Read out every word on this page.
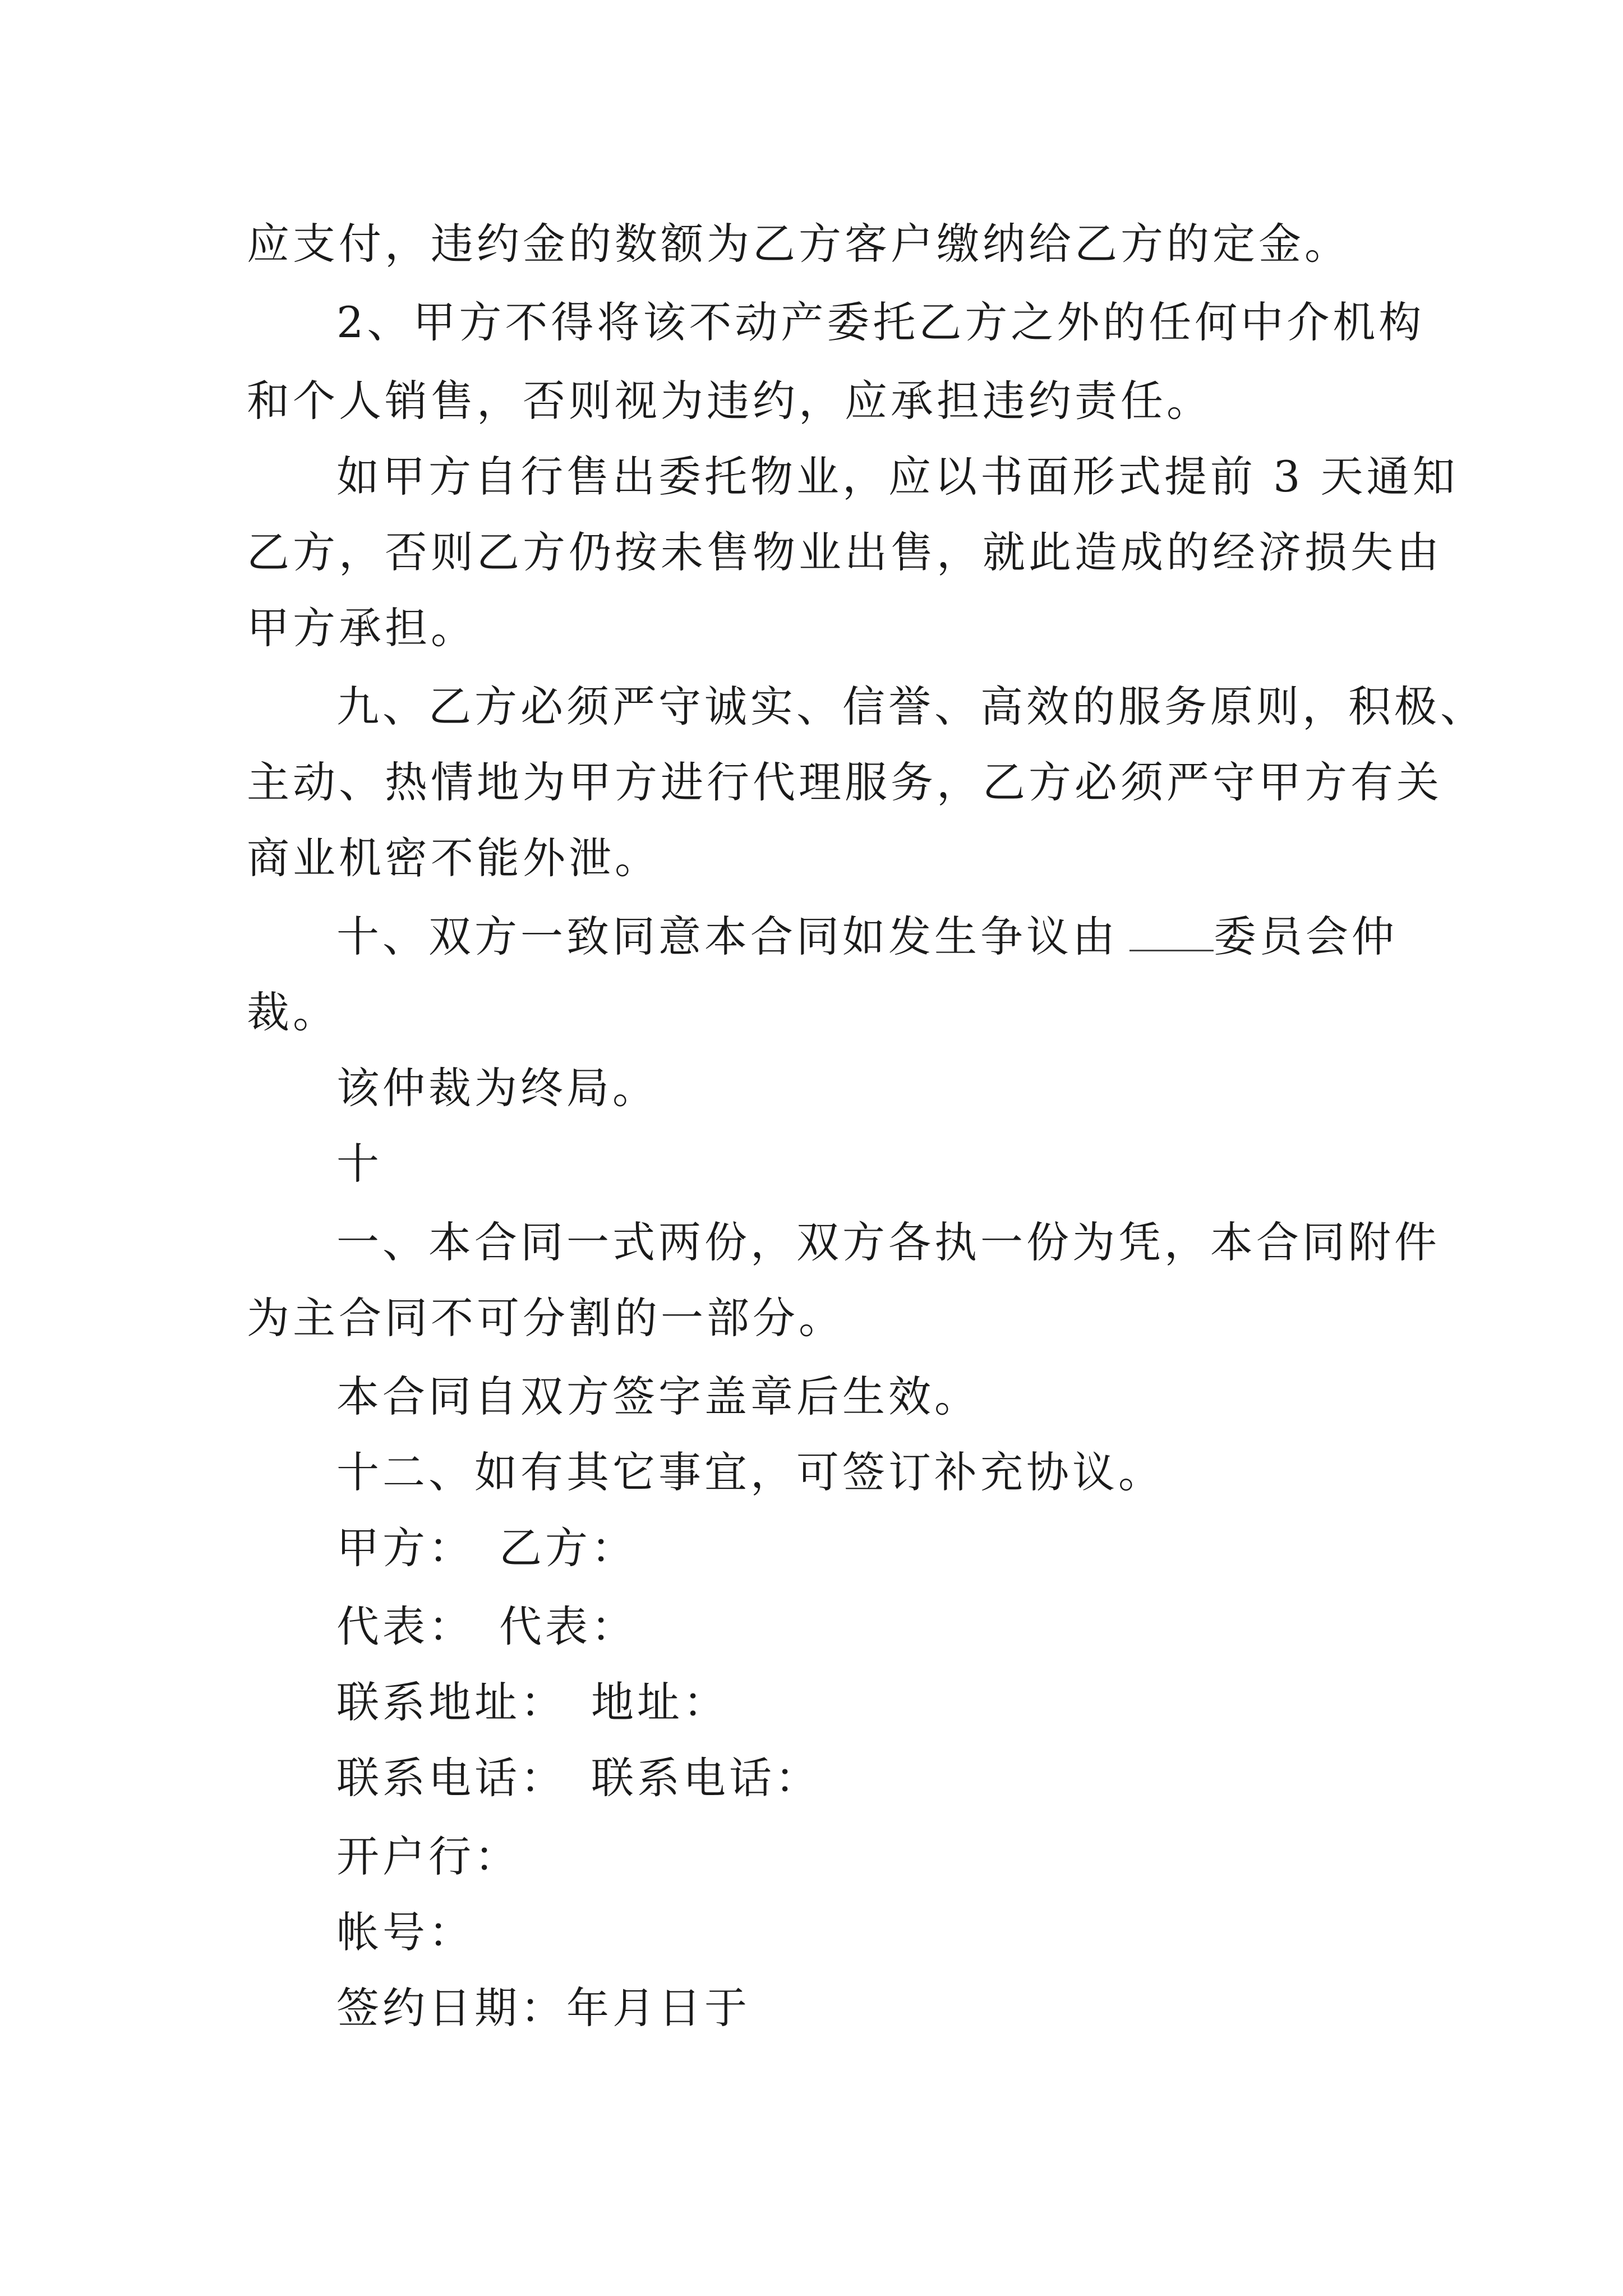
应支付，违约金的数额为乙方客户缴纳给乙方的定金。
2、甲方不得将该不动产委托乙方之外的任何中介机构
和个人销售，否则视为违约，应承担违约责任。
如甲方自行售出委托物业，应以书面形式提前 3 天通知
乙方，否则乙方仍按未售物业出售，就此造成的经济损失由
甲方承担。
九、乙方必须严守诚实、信誉、高效的服务原则，积极、
主动、热情地为甲方进行代理服务，乙方必须严守甲方有关
商业机密不能外泄。
十、双方一致同意本合同如发生争议由 委员会仲
裁。
该仲裁为终局。
十
一、本合同一式两份，双方各执一份为凭，本合同附件
为主合同不可分割的一部分。
本合同自双方签字盖章后生效。
十二、如有其它事宜，可签订补充协议。
甲方：　乙方：
代表：　代表：
联系地址：　地址：
联系电话：　联系电话：
开户行：
帐号：
签约日期：年月日于
